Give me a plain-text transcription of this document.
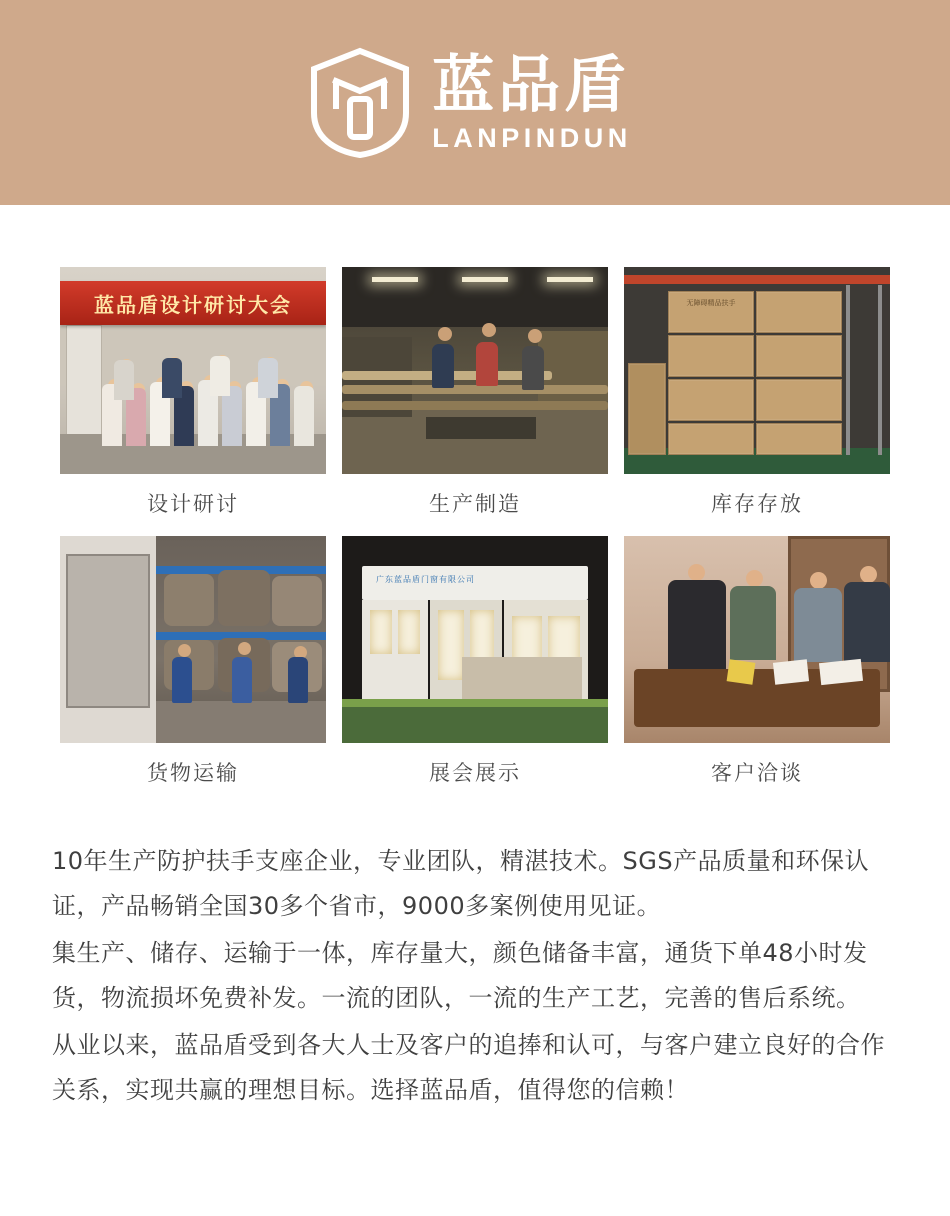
蓝品盾
LANPINDUN
蓝品盾设计研讨大会
设计研讨	生产制造
无障碍精品扶手
库存存放
货物运输
广东蓝品盾门窗有限公司
展会展示	客户洽谈

10年生产防护扶手支座企业，专业团队，精湛技术。SGS产品质量和环保认证，产品畅销全国30多个省市，9000多案例使用见证。

集生产、储存、运输于一体，库存量大，颜色储备丰富，通货下单48小时发货，物流损坏免费补发。一流的团队，一流的生产工艺，完善的售后系统。

从业以来，蓝品盾受到各大人士及客户的追捧和认可，与客户建立良好的合作关系，实现共赢的理想目标。选择蓝品盾，值得您的信赖！
